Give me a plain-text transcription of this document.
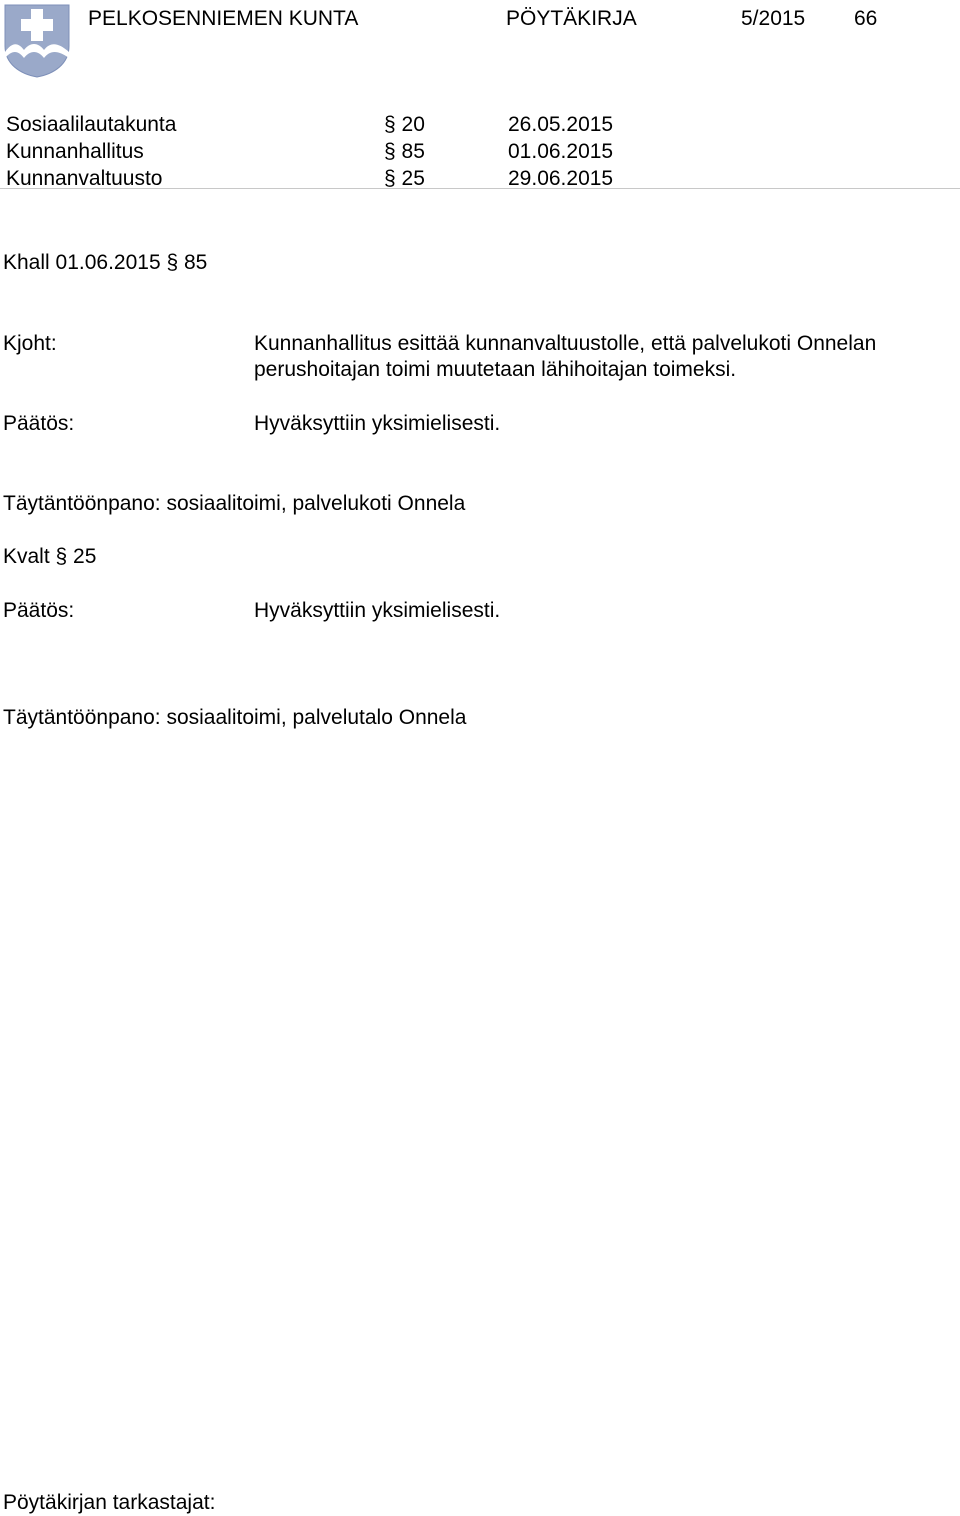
PELKOSENNIEMEN KUNTA	PÖYTÄKIRJA	5/2015 66
Sosiaalilautakunta	§ 20	26.05.2015
Kunnanhallitus	§ 85	01.06.2015
Kunnanvaltuusto	§ 25	29.06.2015
Khall 01.06.2015 § 85
Kjoht:	Kunnanhallitus esittää kunnanvaltuustolle, että palvelukoti Onnelan
perushoitajan toimi muutetaan lähihoitajan toimeksi.
Päätös:	Hyväksyttiin yksimielisesti.
Täytäntöönpano: sosiaalitoimi, palvelukoti Onnela
Kvalt § 25
Päätös:	Hyväksyttiin yksimielisesti.
Täytäntöönpano: sosiaalitoimi, palvelutalo Onnela
Pöytäkirjan tarkastajat:
